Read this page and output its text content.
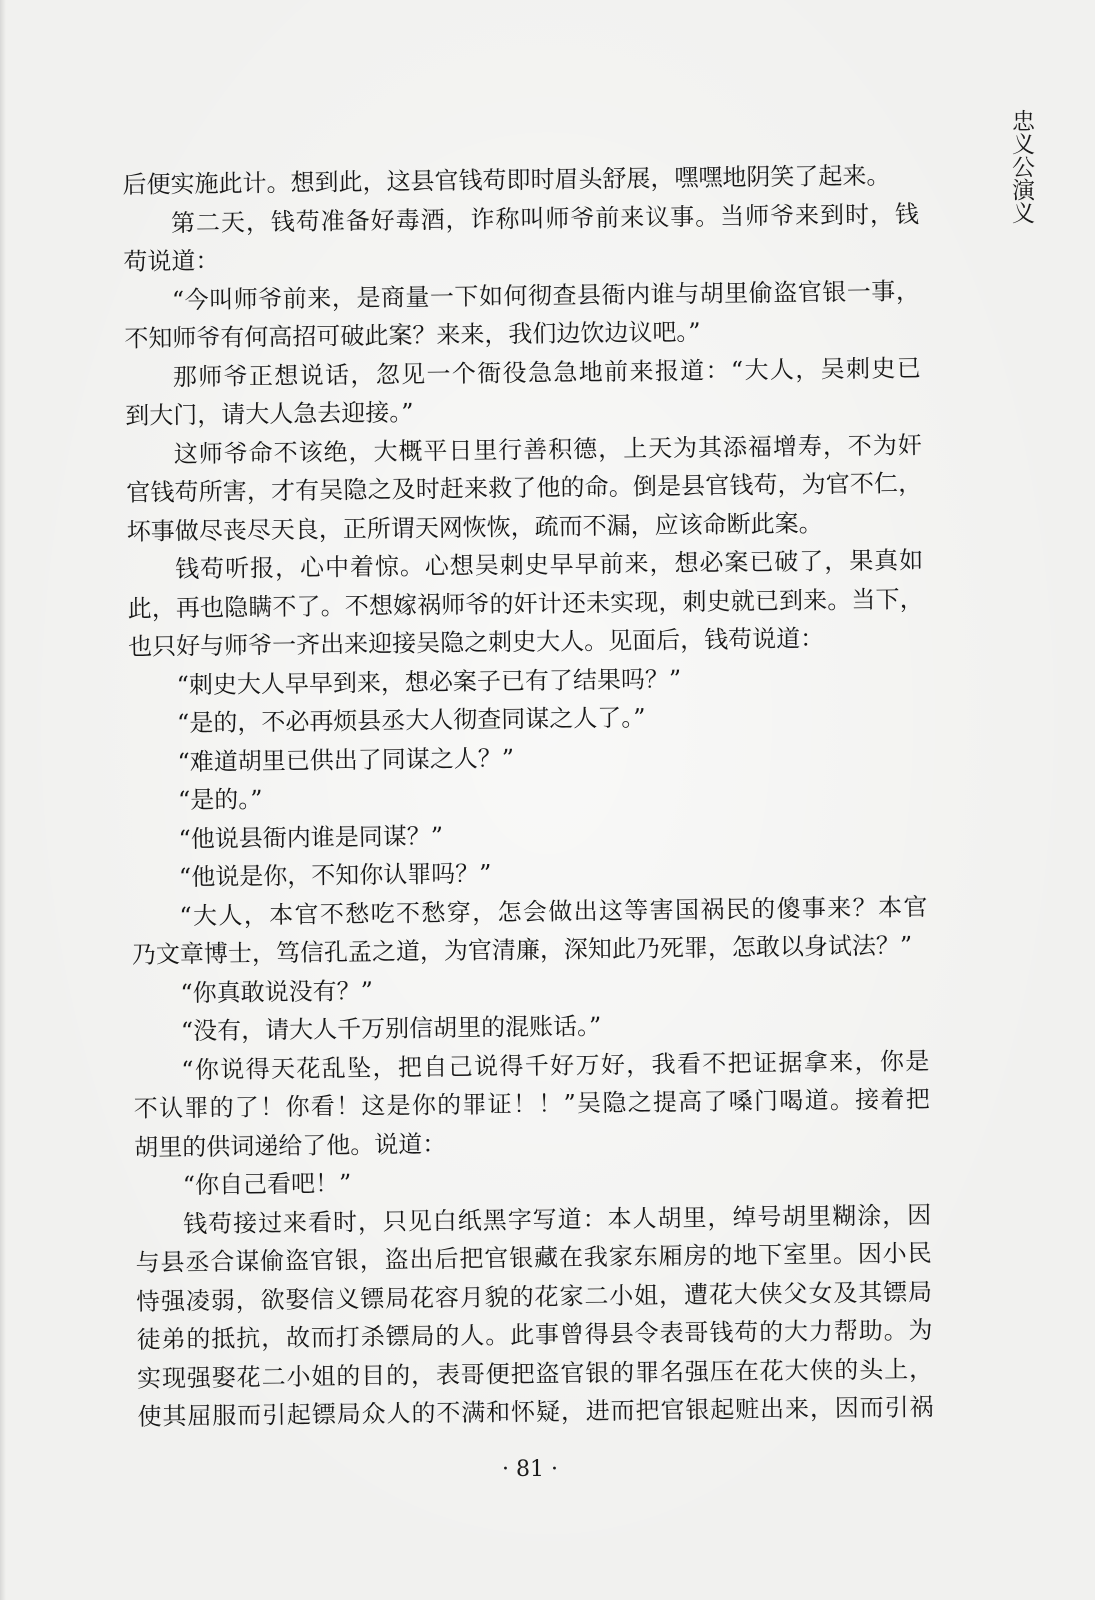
忠义公演义
后便实施此计。想到此，这县官钱苟即时眉头舒展，嘿嘿地阴笑了起来。
第二天，钱苟准备好毒酒，诈称叫师爷前来议事。当师爷来到时，钱
苟说道：
“今叫师爷前来，是商量一下如何彻查县衙内谁与胡里偷盗官银一事，
不知师爷有何高招可破此案？来来，我们边饮边议吧。”
那师爷正想说话，忽见一个衙役急急地前来报道：“大人，吴刺史已
到大门，请大人急去迎接。”
这师爷命不该绝，大概平日里行善积德，上天为其添福增寿，不为奸
官钱苟所害，才有吴隐之及时赶来救了他的命。倒是县官钱苟，为官不仁，
坏事做尽丧尽天良，正所谓天网恢恢，疏而不漏，应该命断此案。
钱苟听报，心中着惊。心想吴刺史早早前来，想必案已破了，果真如
此，再也隐瞒不了。不想嫁祸师爷的奸计还未实现，刺史就已到来。当下，
也只好与师爷一齐出来迎接吴隐之刺史大人。见面后，钱苟说道：
“刺史大人早早到来，想必案子已有了结果吗？”
“是的，不必再烦县丞大人彻查同谋之人了。”
“难道胡里已供出了同谋之人？”
“是的。”
“他说县衙内谁是同谋？”
“他说是你，不知你认罪吗？”
“大人，本官不愁吃不愁穿，怎会做出这等害国祸民的傻事来？本官
乃文章博士，笃信孔孟之道，为官清廉，深知此乃死罪，怎敢以身试法？”
“你真敢说没有？”
“没有，请大人千万别信胡里的混账话。”
“你说得天花乱坠，把自己说得千好万好，我看不把证据拿来，你是
不认罪的了！你看！这是你的罪证！！”吴隐之提高了嗓门喝道。接着把
胡里的供词递给了他。说道：
“你自己看吧！”
钱苟接过来看时，只见白纸黑字写道：本人胡里，绰号胡里糊涂，因
与县丞合谋偷盗官银，盗出后把官银藏在我家东厢房的地下室里。因小民
恃强凌弱，欲娶信义镖局花容月貌的花家二小姐，遭花大侠父女及其镖局
徒弟的抵抗，故而打杀镖局的人。此事曾得县令表哥钱苟的大力帮助。为
实现强娶花二小姐的目的，表哥便把盗官银的罪名强压在花大侠的头上，
使其屈服而引起镖局众人的不满和怀疑，进而把官银起赃出来，因而引祸
· 81 ·
